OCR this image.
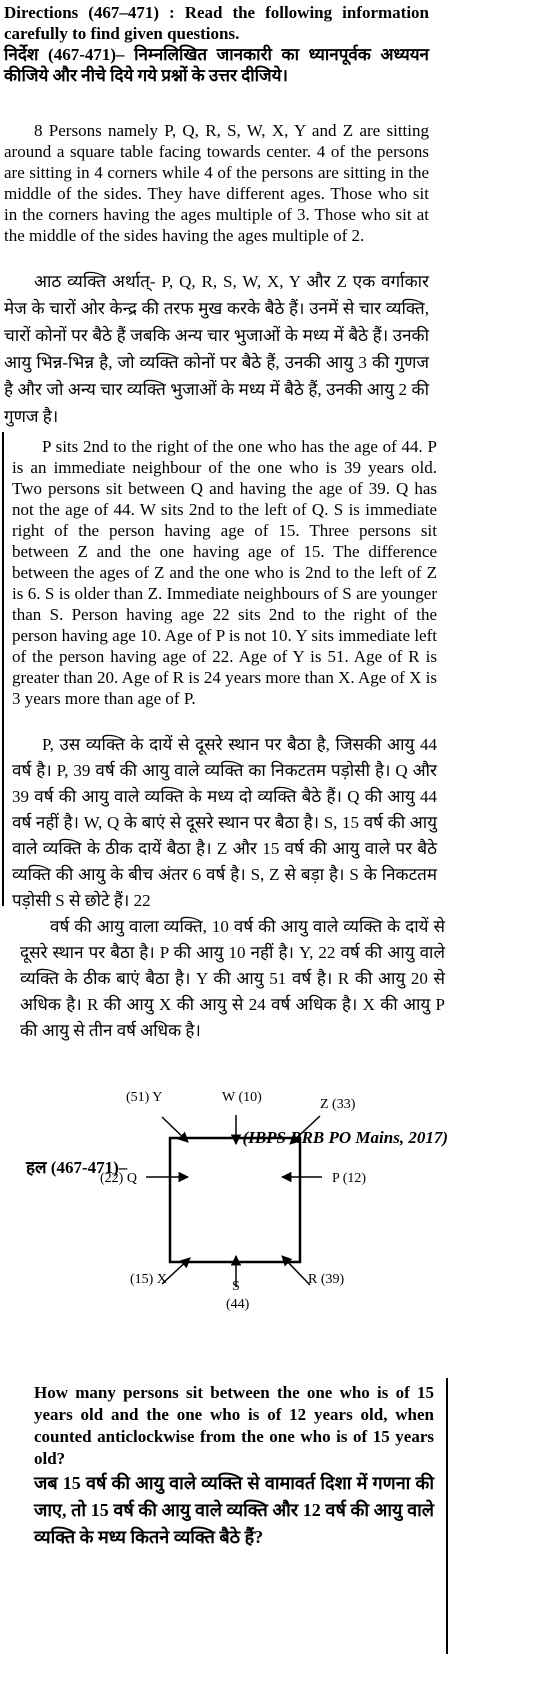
Directions (467–471) : Read the following information carefully to find given questions.
निर्देश (467-471)– निम्नलिखित जानकारी का ध्यानपूर्वक अध्ययन कीजिये और नीचे दिये गये प्रश्नों के उत्तर दीजिये।
8 Persons namely P, Q, R, S, W, X, Y and Z are sitting around a square table facing towards center. 4 of the persons are sitting in 4 corners while 4 of the persons are sitting in the middle of the sides. They have different ages. Those who sit in the corners having the ages multiple of 3. Those who sit at the middle of the sides having the ages multiple of 2.
आठ व्यक्ति अर्थात्- P, Q, R, S, W, X, Y और Z एक वर्गाकार मेज के चारों ओर केन्द्र की तरफ मुख करके बैठे हैं। उनमें से चार व्यक्ति, चारों कोनों पर बैठे हैं जबकि अन्य चार भुजाओं के मध्य में बैठे हैं। उनकी आयु भिन्न-भिन्न है, जो व्यक्ति कोनों पर बैठे हैं, उनकी आयु 3 की गुणज है और जो अन्य चार व्यक्ति भुजाओं के मध्य में बैठे हैं, उनकी आयु 2 की गुणज है।
P sits 2nd to the right of the one who has the age of 44. P is an immediate neighbour of the one who is 39 years old. Two persons sit between Q and having the age of 39. Q has not the age of 44. W sits 2nd to the left of Q. S is immediate right of the person having age of 15. Three persons sit between Z and the one having age of 15. The difference between the ages of Z and the one who is 2nd to the left of Z is 6. S is older than Z. Immediate neighbours of S are younger than S. Person having age 22 sits 2nd to the right of the person having age 10. Age of P is not 10. Y sits immediate left of the person having age of 22. Age of Y is 51. Age of R is greater than 20. Age of R is 24 years more than X. Age of X is 3 years more than age of P.
P, उस व्यक्ति के दायें से दूसरे स्थान पर बैठा है, जिसकी आयु 44 वर्ष है। P, 39 वर्ष की आयु वाले व्यक्ति का निकटतम पड़ोसी है। Q और 39 वर्ष की आयु वाले व्यक्ति के मध्य दो व्यक्ति बैठे हैं। Q की आयु 44 वर्ष नहीं है। W, Q के बाएं से दूसरे स्थान पर बैठा है। S, 15 वर्ष की आयु वाले व्यक्ति के ठीक दायें बैठा है। Z और 15 वर्ष की आयु वाले पर बैठे व्यक्ति की आयु के बीच अंतर 6 वर्ष है। S, Z से बड़ा है। S के निकटतम पड़ोसी S से छोटे हैं। 22
वर्ष की आयु वाला व्यक्ति, 10 वर्ष की आयु वाले व्यक्ति के दायें से दूसरे स्थान पर बैठा है। P की आयु 10 नहीं है। Y, 22 वर्ष की आयु वाले व्यक्ति के ठीक बाएं बैठा है। Y की आयु 51 वर्ष है। R की आयु 20 से अधिक है। R की आयु X की आयु से 24 वर्ष अधिक है। X की आयु P की आयु से तीन वर्ष अधिक है।
(IBPS RRB PO Mains, 2017)
हल (467-471)–
(51) Y	W (10)	Z (33)
(22) Q	P (12)
(15) X	S
(44)
R (39)
How many persons sit between the one who is of 15 years old and the one who is of 12 years old, when counted anticlockwise from the one who is of 15 years old?
जब 15 वर्ष की आयु वाले व्यक्ति से वामावर्त दिशा में गणना की जाए, तो 15 वर्ष की आयु वाले व्यक्ति और 12 वर्ष की आयु वाले व्यक्ति के मध्य कितने व्यक्ति बैठे हैं?
